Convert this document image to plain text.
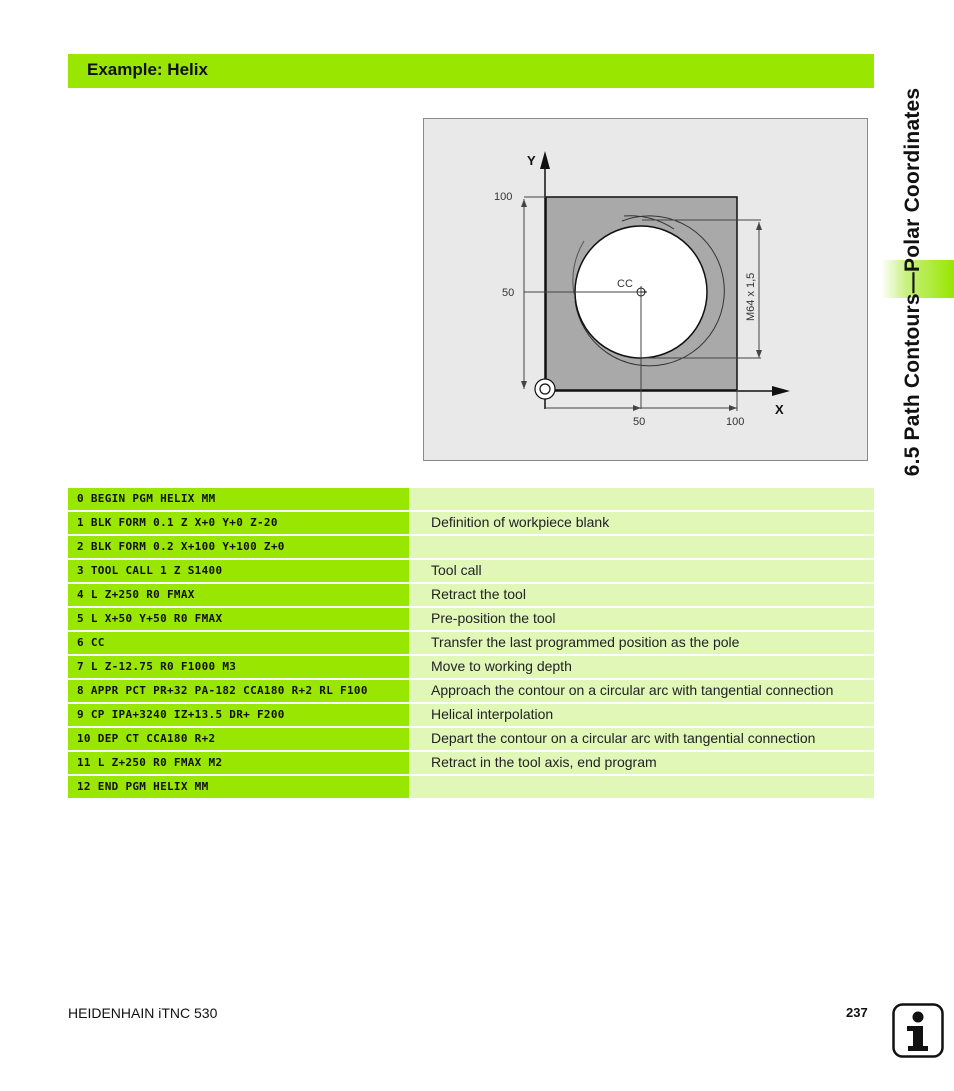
Example: Helix
6.5 Path Contours—Polar Coordinates
Y
X
100
50
50	100
CC	M64 x 1,5
0 BEGIN PGM HELIX MM
1 BLK FORM 0.1 Z X+0 Y+0 Z-20	Definition of workpiece blank
2 BLK FORM 0.2 X+100 Y+100 Z+0
3 TOOL CALL 1 Z S1400	Tool call
4 L Z+250 R0 FMAX	Retract the tool
5 L X+50 Y+50 R0 FMAX	Pre-position the tool
6 CC	Transfer the last programmed position as the pole
7 L Z-12.75 R0 F1000 M3	Move to working depth
8 APPR PCT PR+32 PA-182 CCA180 R+2 RL F100	Approach the contour on a circular arc with tangential connection
9 CP IPA+3240 IZ+13.5 DR+ F200	Helical interpolation
10 DEP CT CCA180 R+2	Depart the contour on a circular arc with tangential connection
11 L Z+250 R0 FMAX M2	Retract in the tool axis, end program
12 END PGM HELIX MM
HEIDENHAIN iTNC 530	237
